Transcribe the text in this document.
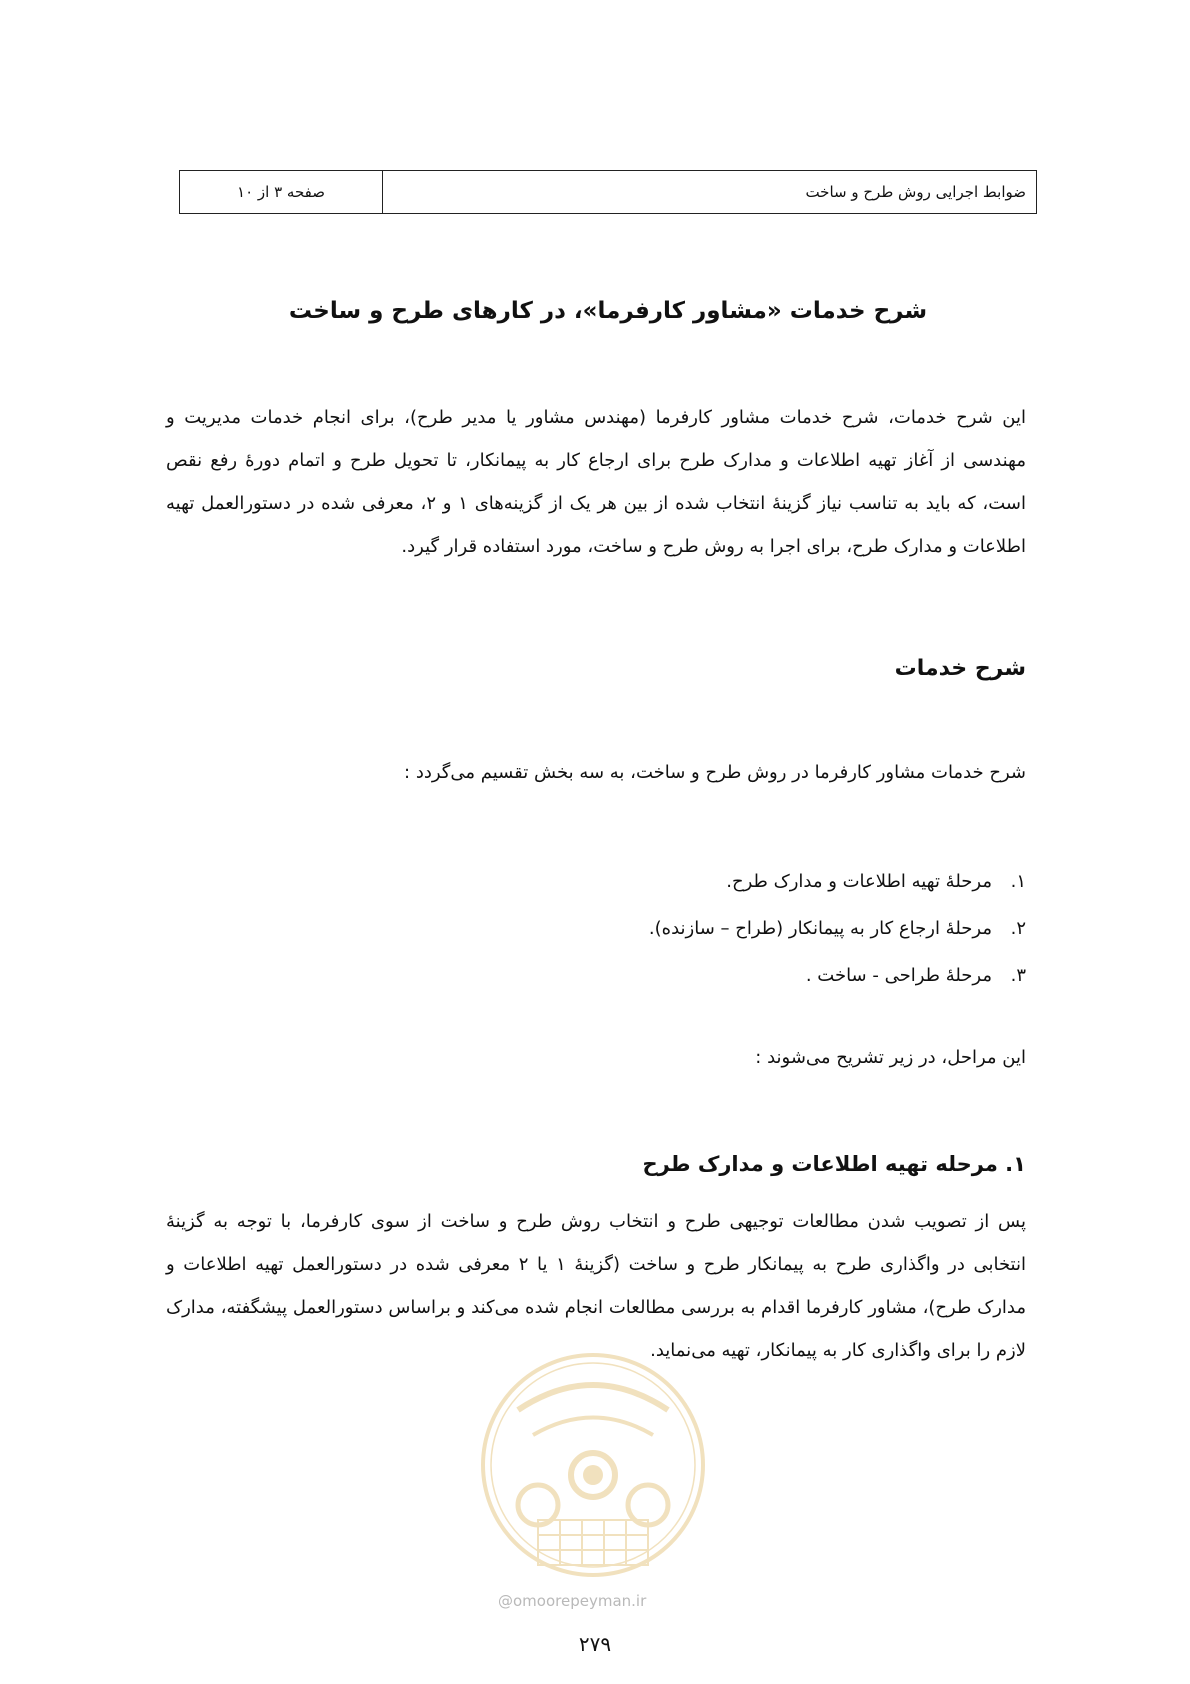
صفحه ۳ از ۱۰	ضوابط اجرایی روش طرح و ساخت
شرح خدمات «مشاور کارفرما»، در کارهای طرح و ساخت
این شرح خدمات، شرح خدمات مشاور کارفرما (مهندس مشاور یا مدیر طرح)، برای انجام خدمات مدیریت و مهندسی از آغاز تهیه اطلاعات و مدارک طرح برای ارجاع کار به پیمانکار، تا تحویل طرح و اتمام دورهٔ رفع نقص است، که باید به تناسب نیاز گزینهٔ انتخاب شده از بین هر یک از گزینه‌های ۱ و ۲، معرفی شده در دستورالعمل تهیه اطلاعات و مدارک طرح، برای اجرا به روش طرح و ساخت، مورد استفاده قرار گیرد.
شرح خدمات
شرح خدمات مشاور کارفرما در روش طرح و ساخت، به سه بخش تقسیم می‌گردد :
۱.
مرحلهٔ تهیه اطلاعات و مدارک طرح.
۲.
مرحلهٔ ارجاع کار به پیمانکار (طراح – سازنده).
۳.
مرحلهٔ طراحی - ساخت .
این مراحل، در زیر تشریح می‌شوند :
۱. مرحله تهیه اطلاعات و مدارک طرح
پس از تصویب شدن مطالعات توجیهی طرح و انتخاب روش طرح و ساخت از سوی کارفرما، با توجه به گزینهٔ انتخابی در واگذاری طرح به پیمانکار طرح و ساخت (گزینهٔ ۱ یا ۲ معرفی شده در دستورالعمل تهیه اطلاعات و مدارک طرح)، مشاور کارفرما اقدام به بررسی مطالعات انجام شده می‌کند و براساس دستورالعمل پیشگفته، مدارک لازم را برای واگذاری کار به پیمانکار، تهیه می‌نماید.
@omoorepeyman.ir
۲۷۹
